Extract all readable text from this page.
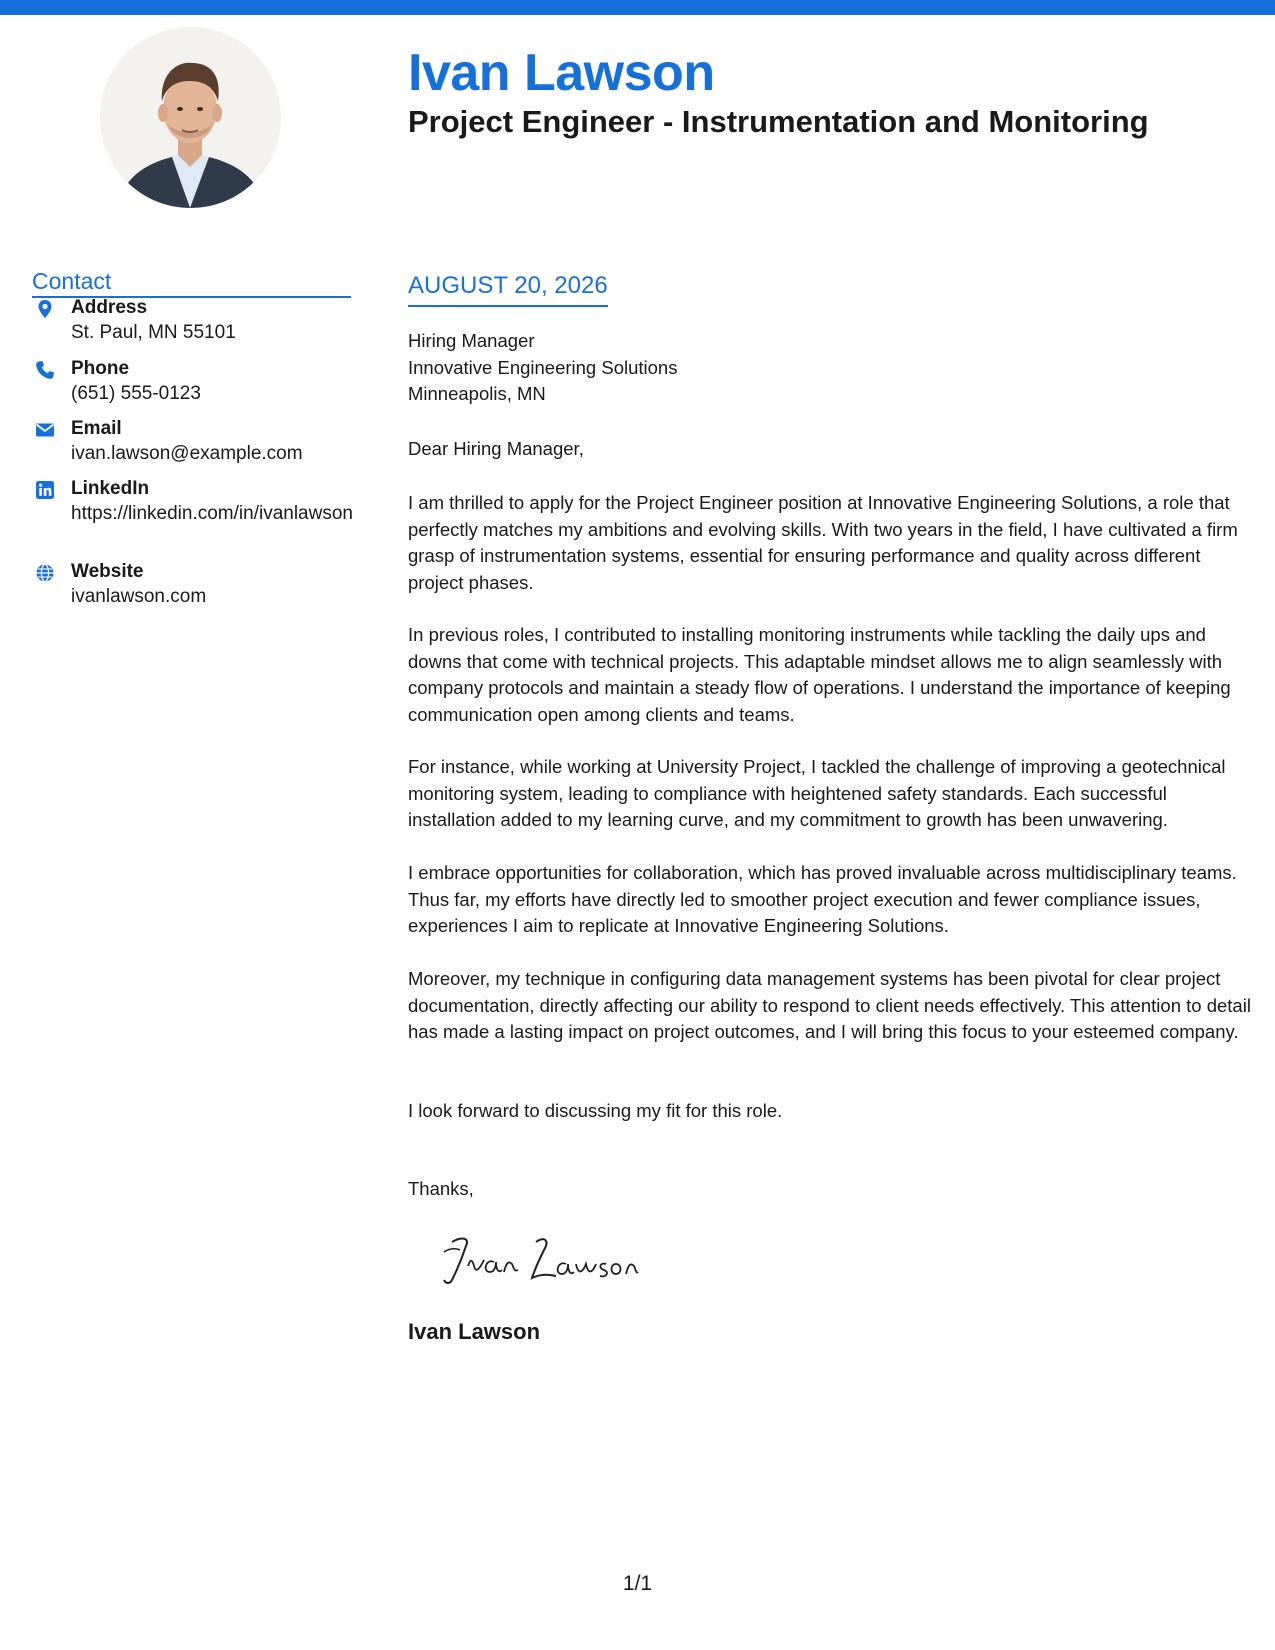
Ivan Lawson
Project Engineer - Instrumentation and Monitoring
Contact
Address
St. Paul, MN 55101
Phone
(651) 555-0123
Email
ivan.lawson@example.com
LinkedIn
https://linkedin.com/in/ivanlawson
Website
ivanlawson.com
AUGUST 20, 2026
Hiring Manager
Innovative Engineering Solutions
Minneapolis, MN

Dear Hiring Manager,

I am thrilled to apply for the Project Engineer position at Innovative Engineering Solutions, a role that perfectly matches my ambitions and evolving skills. With two years in the field, I have cultivated a firm grasp of instrumentation systems, essential for ensuring performance and quality across different project phases.

In previous roles, I contributed to installing monitoring instruments while tackling the daily ups and downs that come with technical projects. This adaptable mindset allows me to align seamlessly with company protocols and maintain a steady flow of operations. I understand the importance of keeping communication open among clients and teams.

For instance, while working at University Project, I tackled the challenge of improving a geotechnical monitoring system, leading to compliance with heightened safety standards. Each successful installation added to my learning curve, and my commitment to growth has been unwavering.

I embrace opportunities for collaboration, which has proved invaluable across multidisciplinary teams. Thus far, my efforts have directly led to smoother project execution and fewer compliance issues, experiences I aim to replicate at Innovative Engineering Solutions.

Moreover, my technique in configuring data management systems has been pivotal for clear project documentation, directly affecting our ability to respond to client needs effectively. This attention to detail has made a lasting impact on project outcomes, and I will bring this focus to your esteemed company.

I look forward to discussing my fit for this role.

Thanks,

Ivan Lawson
1/1
